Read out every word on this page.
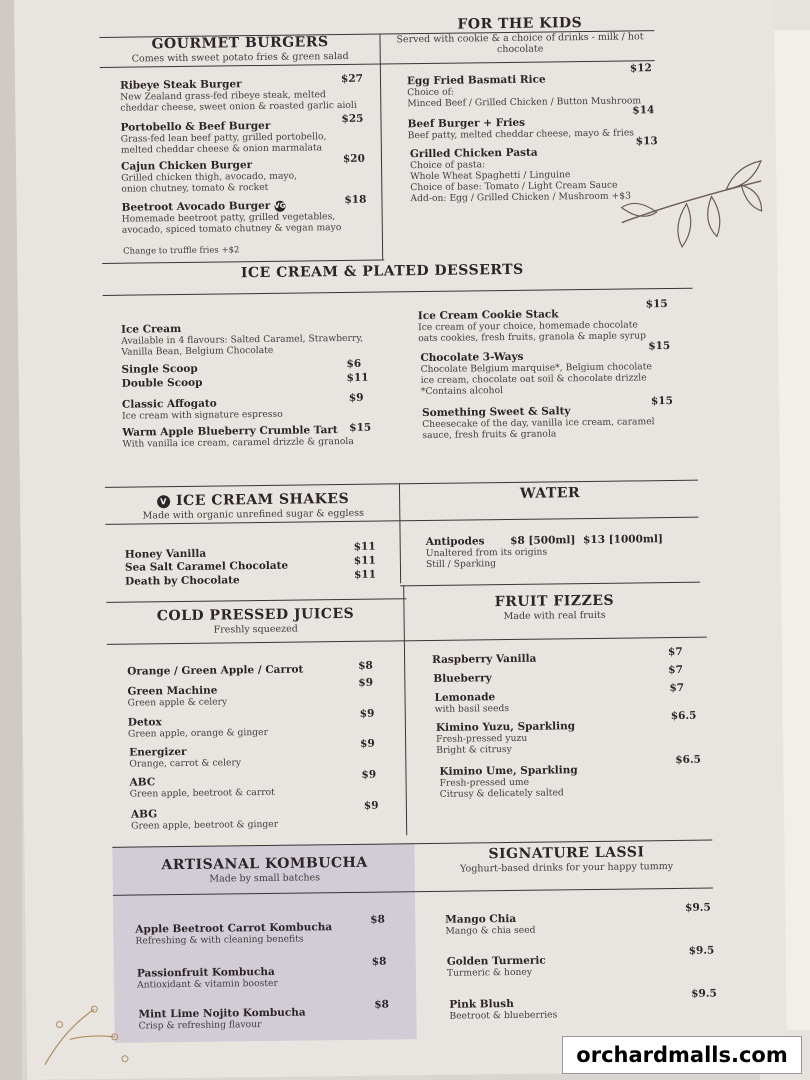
GOURMET BURGERS
Comes with sweet potato fries & green salad
Ribeye Steak Burger
New Zealand grass-fed ribeye steak, melted
cheddar cheese, sweet onion & roasted garlic aioli
$27
Portobello & Beef Burger
Grass-fed lean beef patty, grilled portobello,
melted cheddar cheese & onion marmalata
$25
Cajun Chicken Burger
Grilled chicken thigh, avocado, mayo,
onion chutney, tomato & rocket
$20
Beetroot Avocado Burger VG
Homemade beetroot patty, grilled vegetables,
avocado, spiced tomato chutney & vegan mayo
$18
Change to truffle fries +$2
FOR THE KIDS
Served with cookie & a choice of drinks - milk / hot chocolate
Egg Fried Basmati Rice
Choice of:
Minced Beef / Grilled Chicken / Button Mushroom
$12
Beef Burger + Fries
Beef patty, melted cheddar cheese, mayo & fries
$14
Grilled Chicken Pasta
Choice of pasta:
Whole Wheat Spaghetti / Linguine
Choice of base: Tomato / Light Cream Sauce
Add-on: Egg / Grilled Chicken / Mushroom +$3
$13
ICE CREAM & PLATED DESSERTS
Ice Cream
Available in 4 flavours: Salted Caramel, Strawberry,
Vanilla Bean, Belgium Chocolate
Single Scoop	$6
Double Scoop	$11
Classic Affogato
Ice cream with signature espresso
$9
Warm Apple Blueberry Crumble Tart
With vanilla ice cream, caramel drizzle & granola
$15
Ice Cream Cookie Stack
Ice cream of your choice, homemade chocolate
oats cookies, fresh fruits, granola & maple syrup
$15
Chocolate 3-Ways
Chocolate Belgium marquise*, Belgium chocolate
ice cream, chocolate oat soil & chocolate drizzle
*Contains alcohol
$15
Something Sweet & Salty
Cheesecake of the day, vanilla ice cream, caramel
sauce, fresh fruits & granola
$15
V ICE CREAM SHAKES
Made with organic unrefined sugar & eggless
Honey Vanilla
$11
Sea Salt Caramel Chocolate	$11
Death by Chocolate	$11
WATER
Antipodes $8 [500ml] $13 [1000ml]
Unaltered from its origins
Still / Sparking
COLD PRESSED JUICES
Freshly squeezed
Orange / Green Apple / Carrot	$8
Green Machine
Green apple & celery
$9
Detox
Green apple, orange & ginger
$9
Energizer
Orange, carrot & celery
$9
ABC
Green apple, beetroot & carrot
$9
ABG
Green apple, beetroot & ginger
$9
FRUIT FIZZES
Made with real fruits
Raspberry Vanilla
$7
Blueberry
$7
Lemonade
with basil seeds
$7
Kimino Yuzu, Sparkling
Fresh-pressed yuzu
Bright & citrusy
$6.5
Kimino Ume, Sparkling
Fresh-pressed ume
Citrusy & delicately salted
$6.5
ARTISANAL KOMBUCHA
Made by small batches
Apple Beetroot Carrot Kombucha
Refreshing & with cleaning benefits
$8
Passionfruit Kombucha
Antioxidant & vitamin booster
$8
Mint Lime Nojito Kombucha
Crisp & refreshing flavour
$8
SIGNATURE LASSI
Yoghurt-based drinks for your happy tummy
Mango Chia
Mango & chia seed
$9.5
Golden Turmeric
Turmeric & honey
$9.5
Pink Blush
Beetroot & blueberries
$9.5
orchardmalls.com
